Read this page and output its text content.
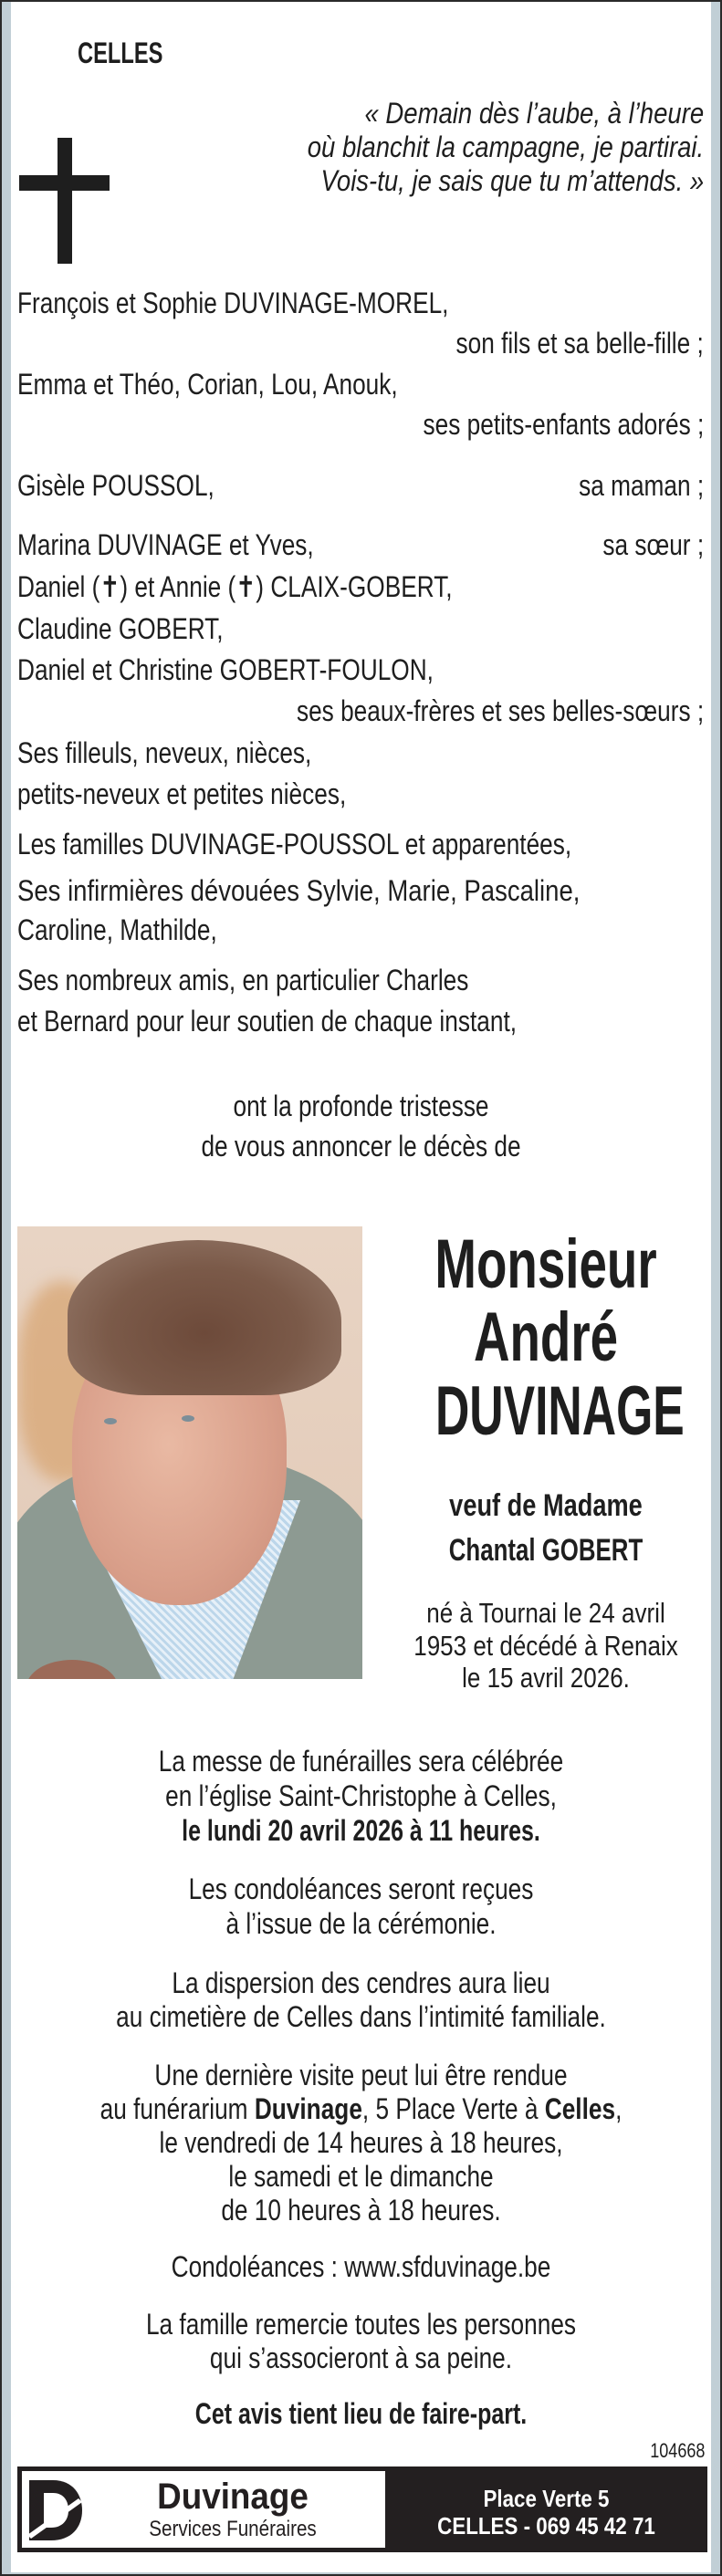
CELLES
« Demain dès l’aube, à l’heure
où blanchit la campagne, je partirai.
Vois-tu, je sais que tu m’attends. »
François et Sophie DUVINAGE-MOREL,
son fils et sa belle-fille ;
Emma et Théo, Corian, Lou, Anouk,
ses petits-enfants adorés ;
Gisèle POUSSOL,	sa maman ;
Marina DUVINAGE et Yves,	sa sœur ;
Daniel (✝) et Annie (✝) CLAIX-GOBERT,
Claudine GOBERT,
Daniel et Christine GOBERT-FOULON,
ses beaux-frères et ses belles-sœurs ;
Ses filleuls, neveux, nièces,
petits-neveux et petites nièces,
Les familles DUVINAGE-POUSSOL et apparentées,
Ses infirmières dévouées Sylvie, Marie, Pascaline,
Caroline, Mathilde,
Ses nombreux amis, en particulier Charles
et Bernard pour leur soutien de chaque instant,
ont la profonde tristesse
de vous annoncer le décès de
Monsieur
André
DUVINAGE
veuf de Madame
Chantal GOBERT
né à Tournai le 24 avril
1953 et décédé à Renaix
le 15 avril 2026.
La messe de funérailles sera célébrée
en l’église Saint-Christophe à Celles,
le lundi 20 avril 2026 à 11 heures.
Les condoléances seront reçues
à l’issue de la cérémonie.
La dispersion des cendres aura lieu
au cimetière de Celles dans l’intimité familiale.
Une dernière visite peut lui être rendue
au funérarium Duvinage, 5 Place Verte à Celles,
le vendredi de 14 heures à 18 heures,
le samedi et le dimanche
de 10 heures à 18 heures.
Condoléances : www.sfduvinage.be
La famille remercie toutes les personnes
qui s’associeront à sa peine.
Cet avis tient lieu de faire-part.
104668
Duvinage
Services Funéraires
Place Verte 5
CELLES - 069 45 42 71
